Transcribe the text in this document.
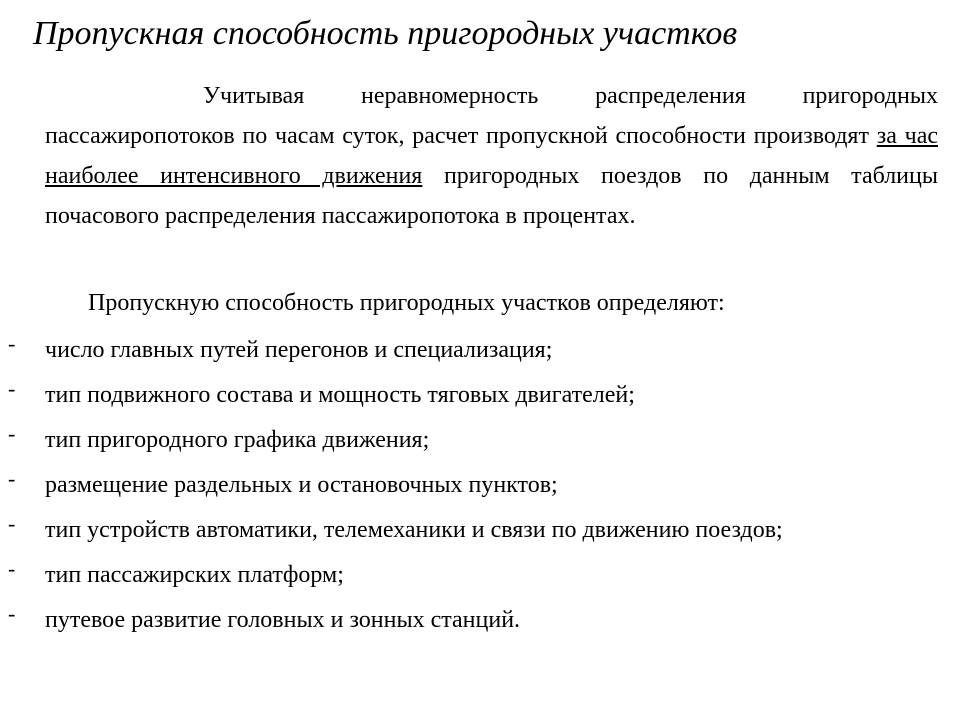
Пропускная способность пригородных участков

Учитывая неравномерность распределения пригородных пассажиропотоков по часам суток, расчет пропускной способности производят за час наиболее интенсивного движения пригородных поездов по данным таблицы почасового распределения пассажиропотока в процентах.

Пропускную способность пригородных участков определяют:

- число главных путей перегонов и специализация;
- тип подвижного состава и мощность тяговых двигателей;
- тип пригородного графика движения;
- размещение раздельных и остановочных пунктов;
- тип устройств автоматики, телемеханики и связи по движению поездов;
- тип пассажирских платформ;
- путевое развитие головных и зонных станций.
